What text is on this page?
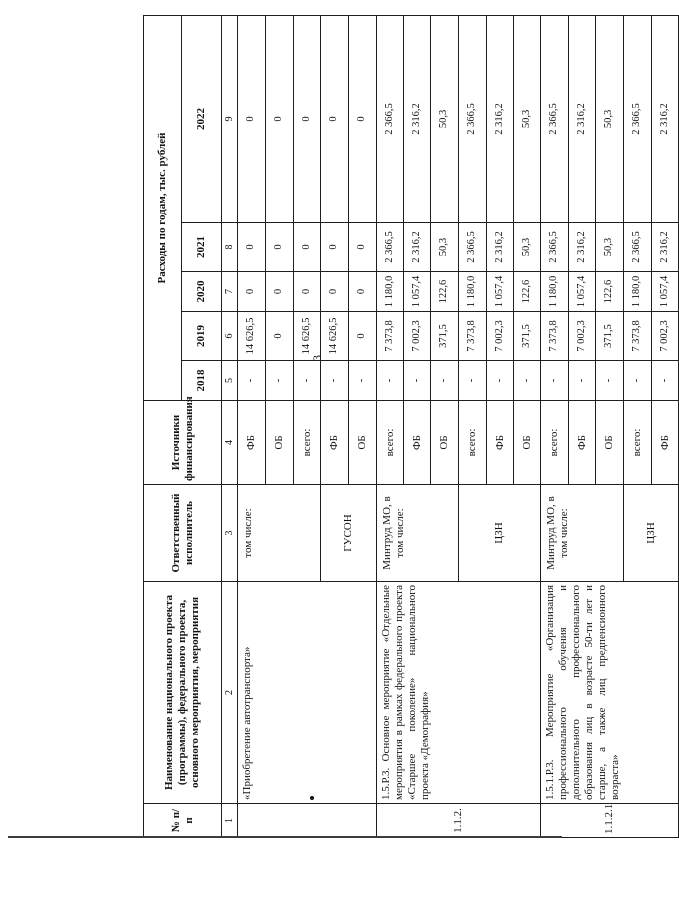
3
№ п/п	Наименование национального проекта (программы), федерального проекта, основного мероприятия, мероприятия	Ответственный исполнитель	Источники финансирования	Расходы по годам, тыс. рублей				
				2018	2019	2020	2021	2022
1	2	3	4	5	6	7	8	9
	«Приобретение автотранспорта»	том числе:	ФБ	-	14 626,5	0	0	0
			ОБ	-	0	0	0	0
			всего:	-	14 626,5	0	0	0
		ГУСОН	ФБ	-	14 626,5	0	0	0
			ОБ	-	0	0	0	0
1.1.2.	1.5.Р.3. Основное мероприятие «Отдельные мероприятия в рамках федерального проекта «Старшее поколение» национального проекта «Демография»	Минтруд МО, в том числе:	всего:	-	7 373,8	1 180,0	2 366,5	2 366,5
			ФБ	-	7 002,3	1 057,4	2 316,2	2 316,2
			ОБ	-	371,5	122,6	50,3	50,3
		ЦЗН	всего:	-	7 373,8	1 180,0	2 366,5	2 366,5
			ФБ	-	7 002,3	1 057,4	2 316,2	2 316,2
			ОБ	-	371,5	122,6	50,3	50,3
1.1.2.1	1.5.1.Р.3. Мероприятие «Организация профессионального обучения и дополнительного профессионального образования лиц в возрасте 50-ти лет и старше, а также лиц предпенсионного возраста»	Минтруд МО, в том числе:	всего:	-	7 373,8	1 180,0	2 366,5	2 366,5
			ФБ	-	7 002,3	1 057,4	2 316,2	2 316,2
			ОБ	-	371,5	122,6	50,3	50,3
		ЦЗН	всего:	-	7 373,8	1 180,0	2 366,5	2 366,5
			ФБ	-	7 002,3	1 057,4	2 316,2	2 316,2
